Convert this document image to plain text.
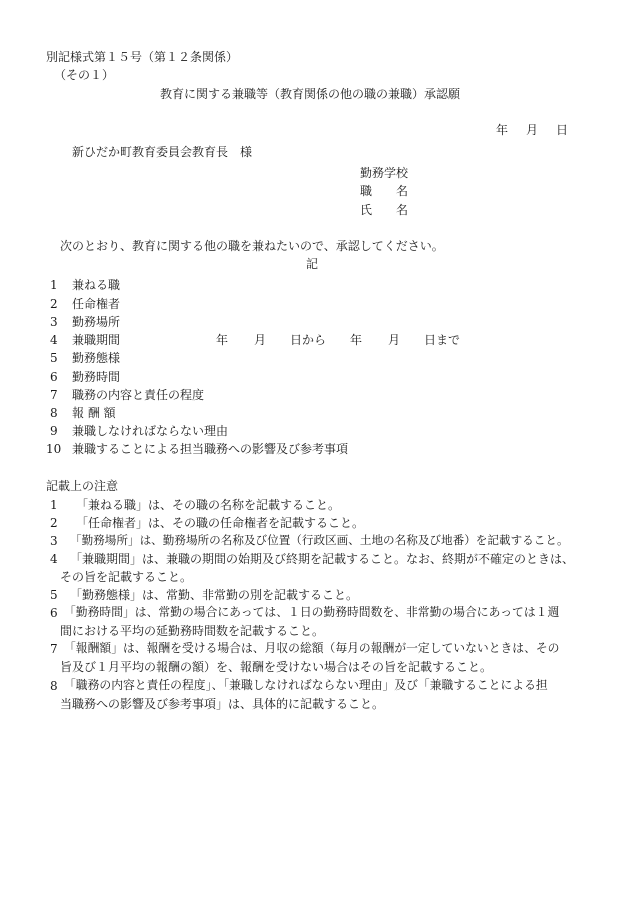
別記様式第１５号（第１２条関係）
（その１）
教育に関する兼職等（教育関係の他の職の兼職）承認願
年 月 日
新ひだか町教育委員会教育長　様
勤務学校
職　　名
氏　　名
次のとおり、教育に関する他の職を兼ねたいので、承認してください。
記
1 兼ねる職
2 任命権者
3 勤務場所
4 兼職期間	年 月 日から 年 月 日まで
5 勤務態様
6 勤務時間
7 職務の内容と責任の程度
8 報 酬 額
9 兼職しなければならない理由
10 兼職することによる担当職務への影響及び参考事項
記載上の注意
1 「兼ねる職」は、その職の名称を記載すること。
2 「任命権者」は、その職の任命権者を記載すること。
3 「勤務場所」は、勤務場所の名称及び位置（行政区画、土地の名称及び地番）を記載すること。
4 「兼職期間」は、兼職の期間の始期及び終期を記載すること。なお、終期が不確定のときは、
その旨を記載すること。
5 「勤務態様」は、常勤、非常勤の別を記載すること。
6 「勤務時間」は、常勤の場合にあっては、１日の勤務時間数を、非常勤の場合にあっては１週
間における平均の延勤務時間数を記載すること。
7 「報酬額」は、報酬を受ける場合は、月収の総額（毎月の報酬が一定していないときは、その
旨及び１月平均の報酬の額）を、報酬を受けない場合はその旨を記載すること。
8 「職務の内容と責任の程度」、「兼職しなければならない理由」及び「兼職することによる担
当職務への影響及び参考事項」は、具体的に記載すること。
